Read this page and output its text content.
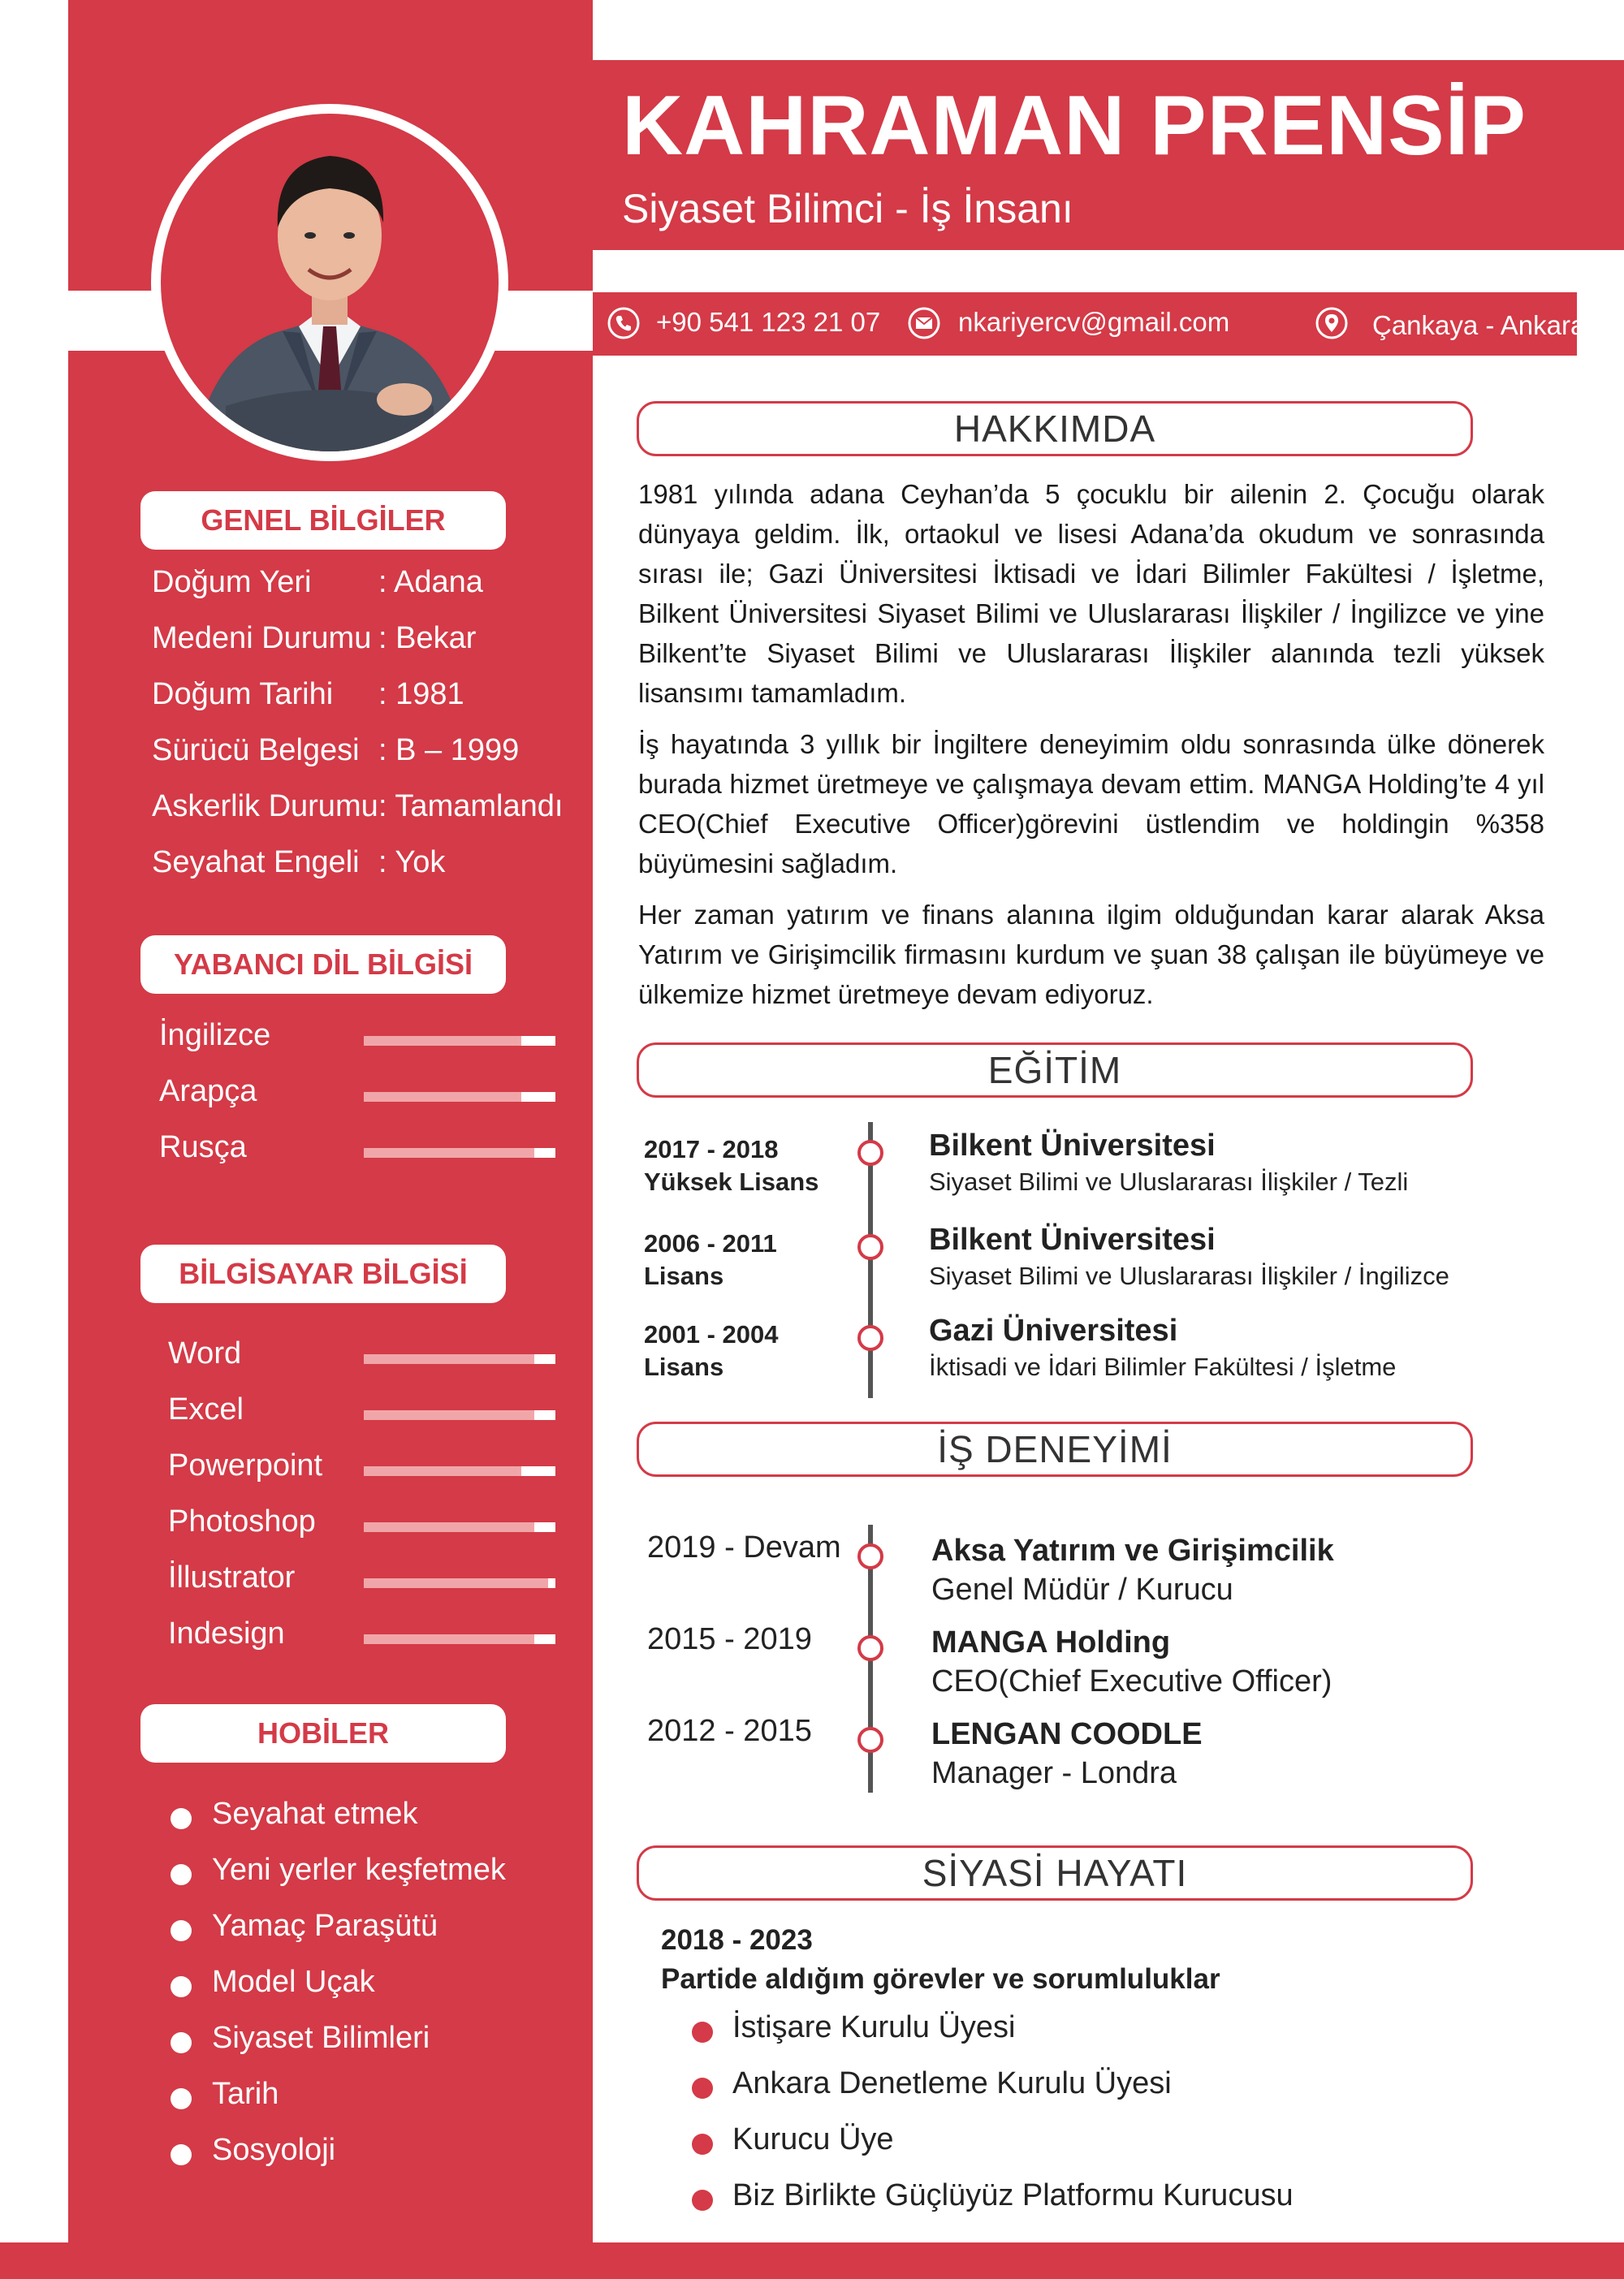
GENEL BİLGİLER
Doğum Yeri : Adana
Medeni Durumu : Bekar
Doğum Tarihi : 1981
Sürücü Belgesi : B – 1999
Askerlik Durumu : Tamamlandı
Seyahat Engeli : Yok
YABANCI DİL BİLGİSİ
İngilizce
Arapça
Rusça
BİLGİSAYAR BİLGİSİ
Word
Excel
Powerpoint
Photoshop
İllustrator
Indesign
HOBİLER
Seyahat etmek
Yeni yerler keşfetmek
Yamaç Paraşütü
Model Uçak
Siyaset Bilimleri
Tarih
Sosyoloji
KAHRAMAN PRENSİP
Siyaset Bilimci - İş İnsanı
+90 541 123 21 07	nkariyercv@gmail.com	Çankaya - Ankara
HAKKIMDA
1981 yılında adana Ceyhan’da 5 çocuklu bir ailenin 2. Çocuğu olarak dünyaya geldim. İlk, ortaokul ve lisesi Adana’da okudum ve sonrasında sırası ile; Gazi Üniversitesi İktisadi ve İdari Bilimler Fakültesi / İşletme, Bilkent Üniversitesi Siyaset Bilimi ve Uluslararası İlişkiler / İngilizce ve yine Bilkent’te Siyaset Bilimi ve Uluslararası İlişkiler alanında tezli yüksek lisansımı tamamladım.
İş hayatında 3 yıllık bir İngiltere deneyimim oldu sonrasında ülke dönerek burada hizmet üretmeye ve çalışmaya devam ettim. MANGA Holding’te 4 yıl CEO(Chief Executive Officer)görevini üstlendim ve holdingin %358 büyümesini sağladım.
Her zaman yatırım ve finans alanına ilgim olduğundan karar alarak Aksa Yatırım ve Girişimcilik firmasını kurdum ve şuan 38 çalışan ile büyümeye ve ülkemize hizmet üretmeye devam ediyoruz.
EĞİTİM
2017 - 2018
Yüksek Lisans
Bilkent Üniversitesi
Siyaset Bilimi ve Uluslararası İlişkiler / Tezli
2006 - 2011
Lisans
Bilkent Üniversitesi
Siyaset Bilimi ve Uluslararası İlişkiler / İngilizce
2001 - 2004
Lisans
Gazi Üniversitesi
İktisadi ve İdari Bilimler Fakültesi / İşletme
İŞ DENEYİMİ
2019 - Devam	Aksa Yatırım ve Girişimcilik
Genel Müdür / Kurucu
2015 - 2019	MANGA Holding
CEO(Chief Executive Officer)
2012 - 2015	LENGAN COODLE
Manager - Londra
SİYASİ HAYATI
2018 - 2023
Partide aldığım görevler ve sorumluluklar
İstişare Kurulu Üyesi
Ankara Denetleme Kurulu Üyesi
Kurucu Üye
Biz Birlikte Güçlüyüz Platformu Kurucusu
